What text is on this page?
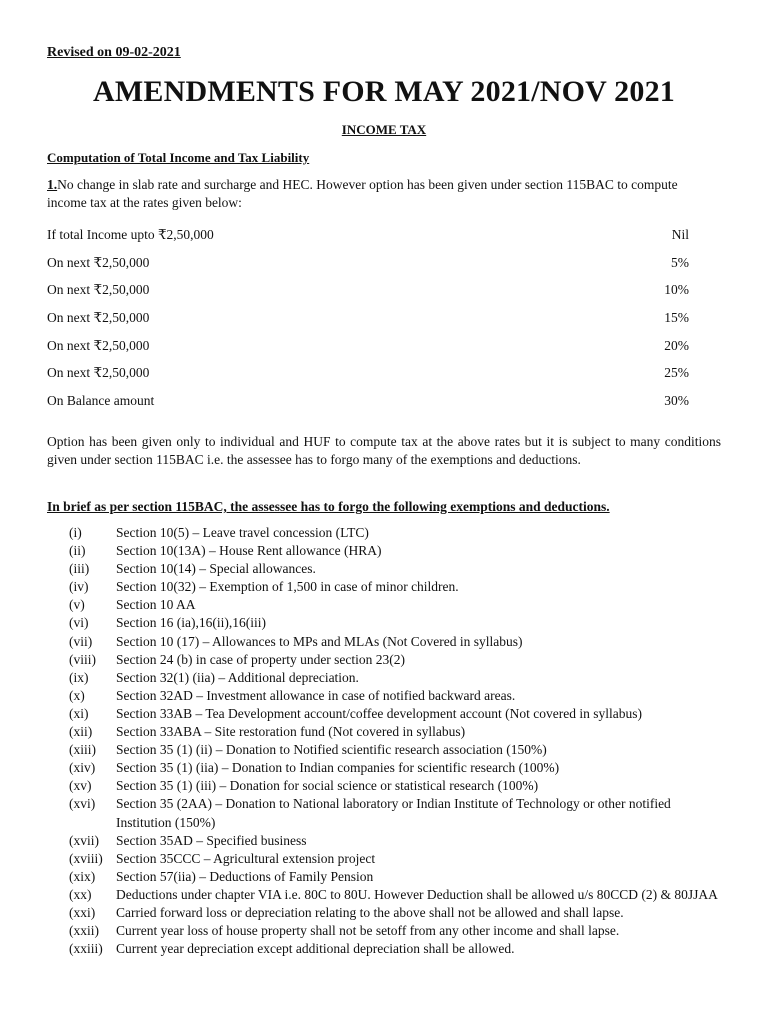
Revised on 09-02-2021
AMENDMENTS FOR MAY 2021/NOV 2021
INCOME TAX
Computation of Total Income and Tax Liability
1.No change in slab rate and surcharge and HEC. However option has been given under section 115BAC to compute income tax at the rates given below:
If total Income upto ₹2,50,000	Nil
On next ₹2,50,000	5%
On next ₹2,50,000	10%
On next ₹2,50,000	15%
On next ₹2,50,000	20%
On next ₹2,50,000	25%
On Balance amount	30%
Option has been given only to individual and HUF to compute tax at the above rates but it is subject to many conditions given under section 115BAC i.e. the assessee has to forgo many of the exemptions and deductions.
In brief as per section 115BAC, the assessee has to forgo the following exemptions and deductions.
(i)	Section 10(5) – Leave travel concession (LTC)
(ii)	Section 10(13A) – House Rent allowance (HRA)
(iii)	Section 10(14) – Special allowances.
(iv)	Section 10(32) – Exemption of 1,500 in case of minor children.
(v)	Section 10 AA
(vi)	Section 16 (ia),16(ii),16(iii)
(vii)	Section 10 (17) – Allowances to MPs and MLAs (Not Covered in syllabus)
(viii)	Section 24 (b) in case of property under section 23(2)
(ix)	Section 32(1) (iia) – Additional depreciation.
(x)	Section 32AD – Investment allowance in case of notified backward areas.
(xi)	Section 33AB – Tea Development account/coffee development account (Not covered in syllabus)
(xii)	Section 33ABA – Site restoration fund (Not covered in syllabus)
(xiii)	Section 35 (1) (ii) – Donation to Notified scientific research association (150%)
(xiv)	Section 35 (1) (iia) – Donation to Indian companies for scientific research (100%)
(xv)	Section 35 (1) (iii) – Donation for social science or statistical research (100%)
(xvi)	Section 35 (2AA) – Donation to National laboratory or Indian Institute of Technology or other notified Institution (150%)
(xvii)	Section 35AD – Specified business
(xviii) Section 35CCC – Agricultural extension project
(xix)	Section 57(iia) – Deductions of Family Pension
(xx)	Deductions under chapter VIA i.e. 80C to 80U. However Deduction shall be allowed u/s 80CCD (2) & 80JJAA
(xxi)	Carried forward loss or depreciation relating to the above shall not be allowed and shall lapse.
(xxii)	Current year loss of house property shall not be setoff from any other income and shall lapse.
(xxiii) Current year depreciation except additional depreciation shall be allowed.
